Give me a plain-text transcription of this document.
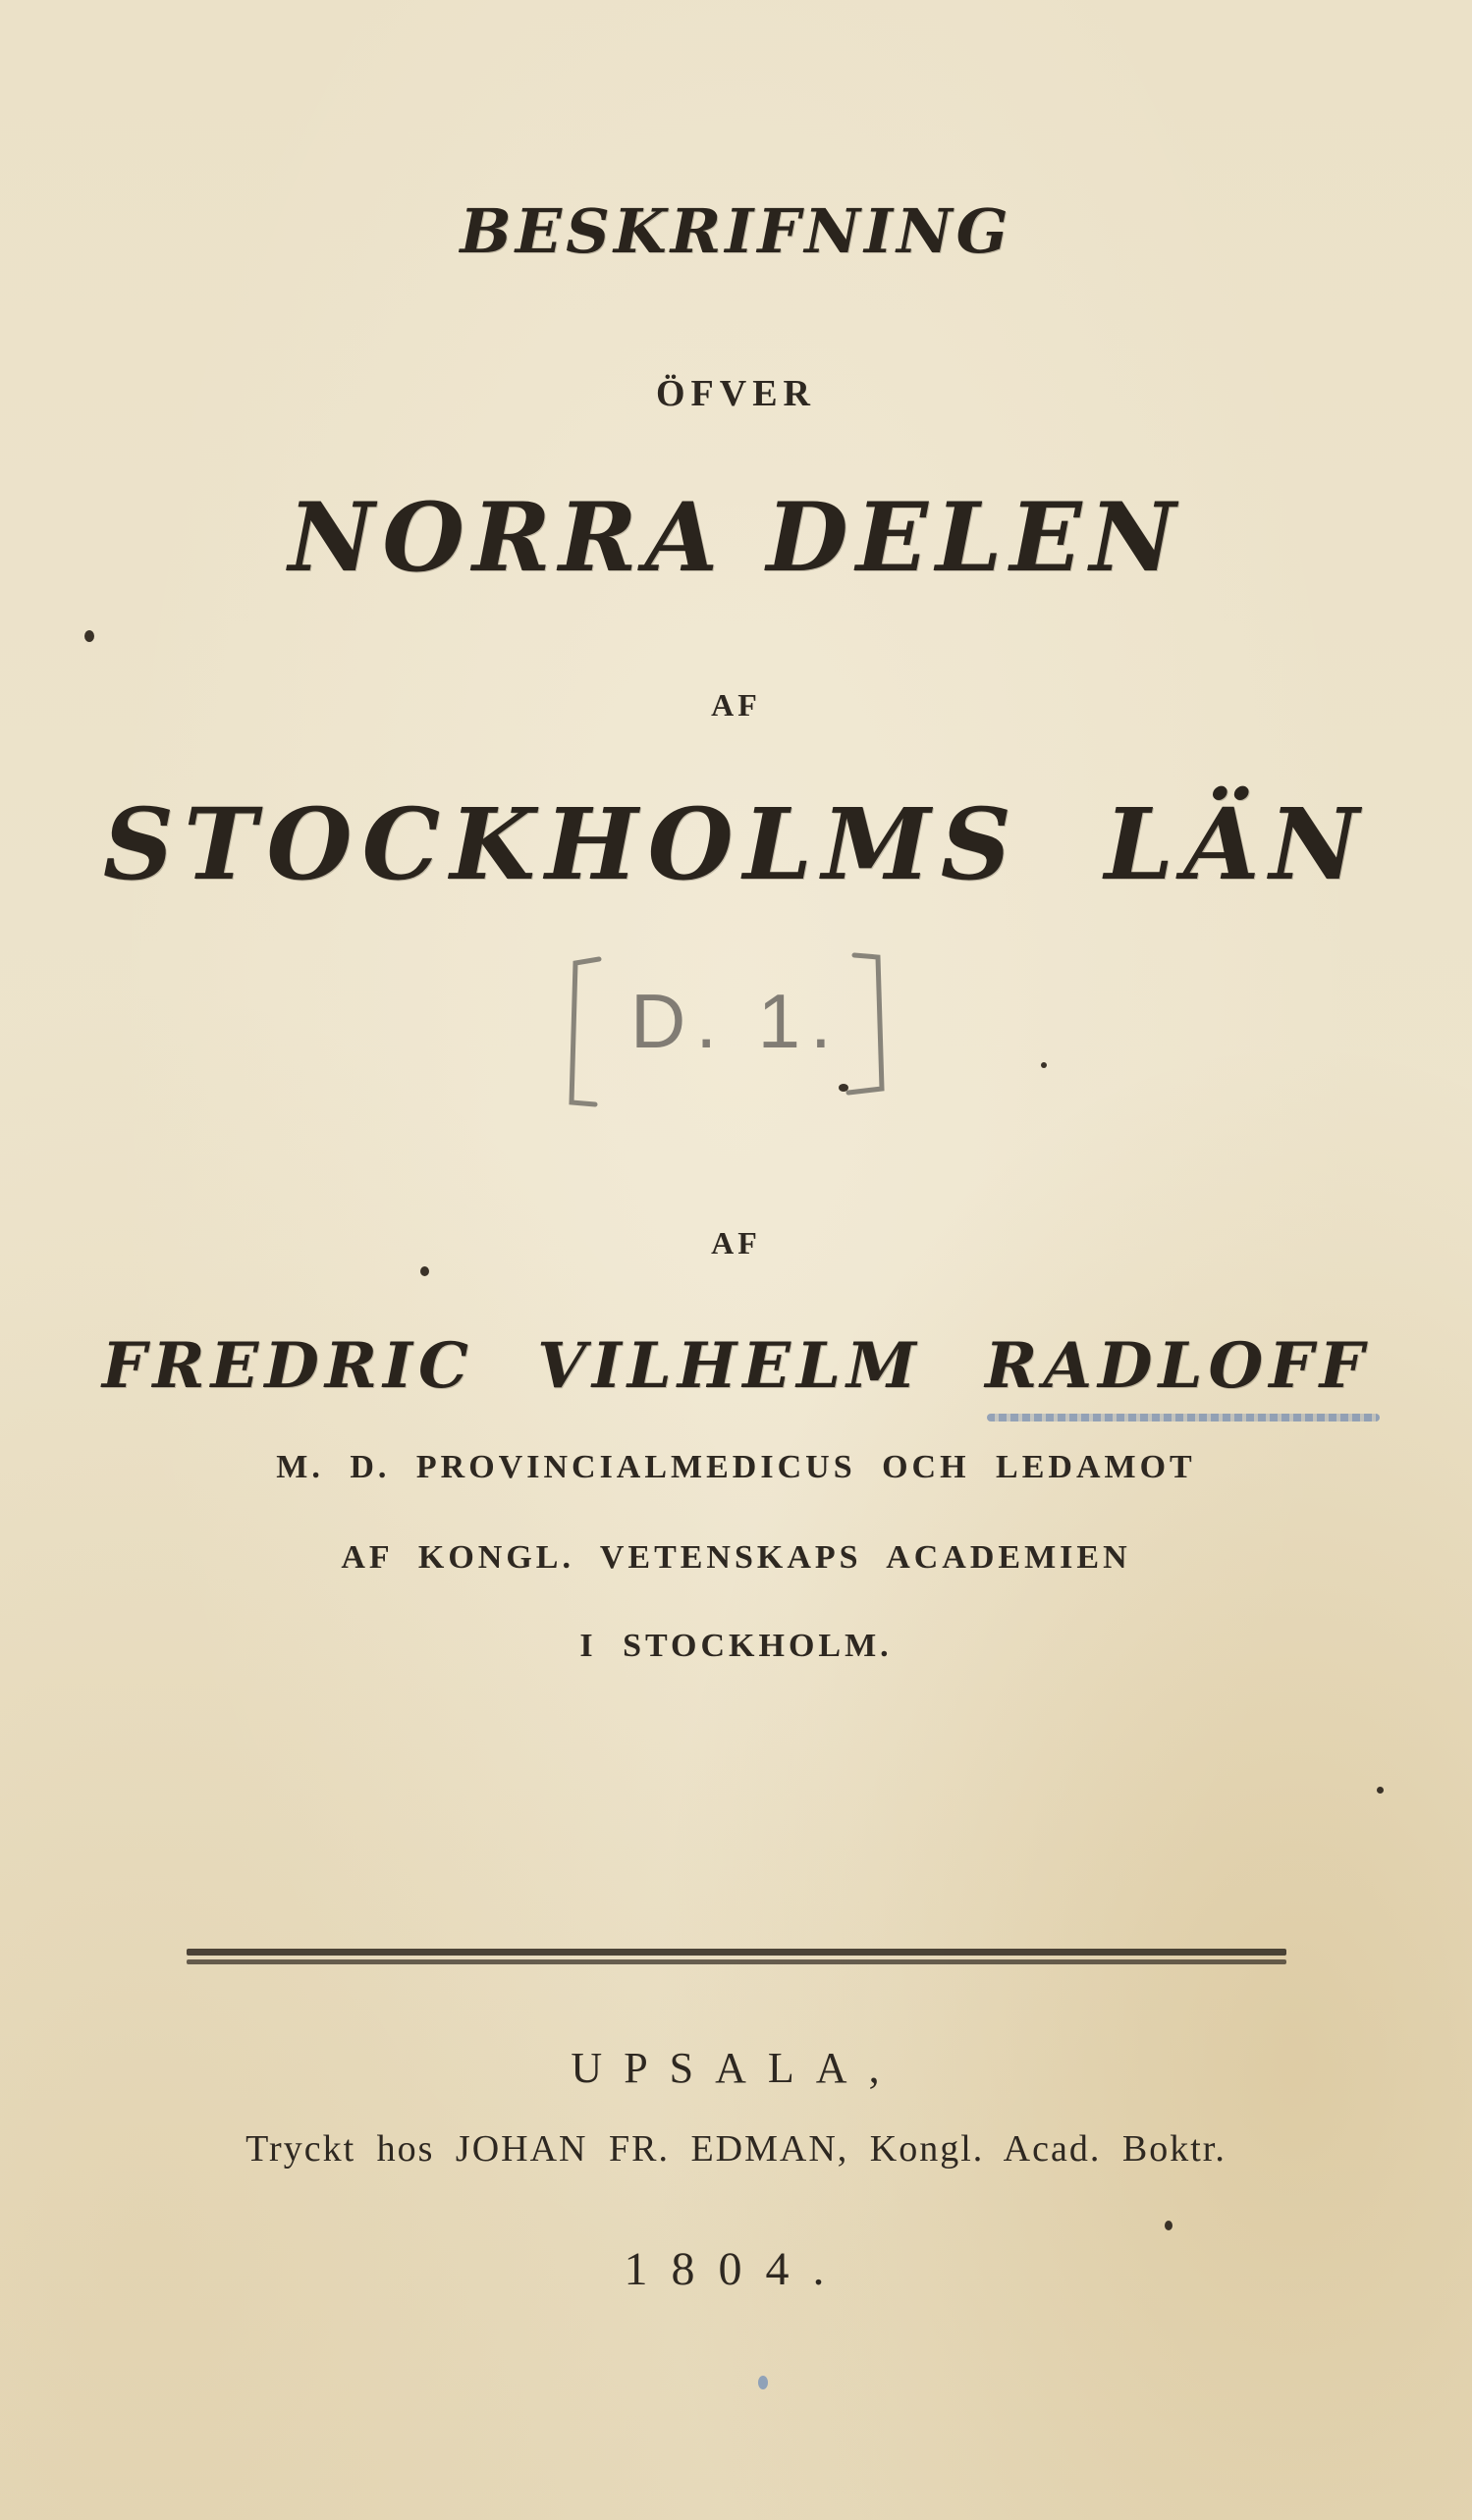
BESKRIFNING
ÖFVER
NORRA DELEN
AF
STOCKHOLMS LÄN
D. 1.
AF
FREDRIC VILHELM RADLOFF
M. D. PROVINCIALMEDICUS OCH LEDAMOT
AF KONGL. VETENSKAPS ACADEMIEN
I STOCKHOLM.
UPSALA,
Tryckt hos JOHAN FR. EDMAN, Kongl. Acad. Boktr.
1804.
